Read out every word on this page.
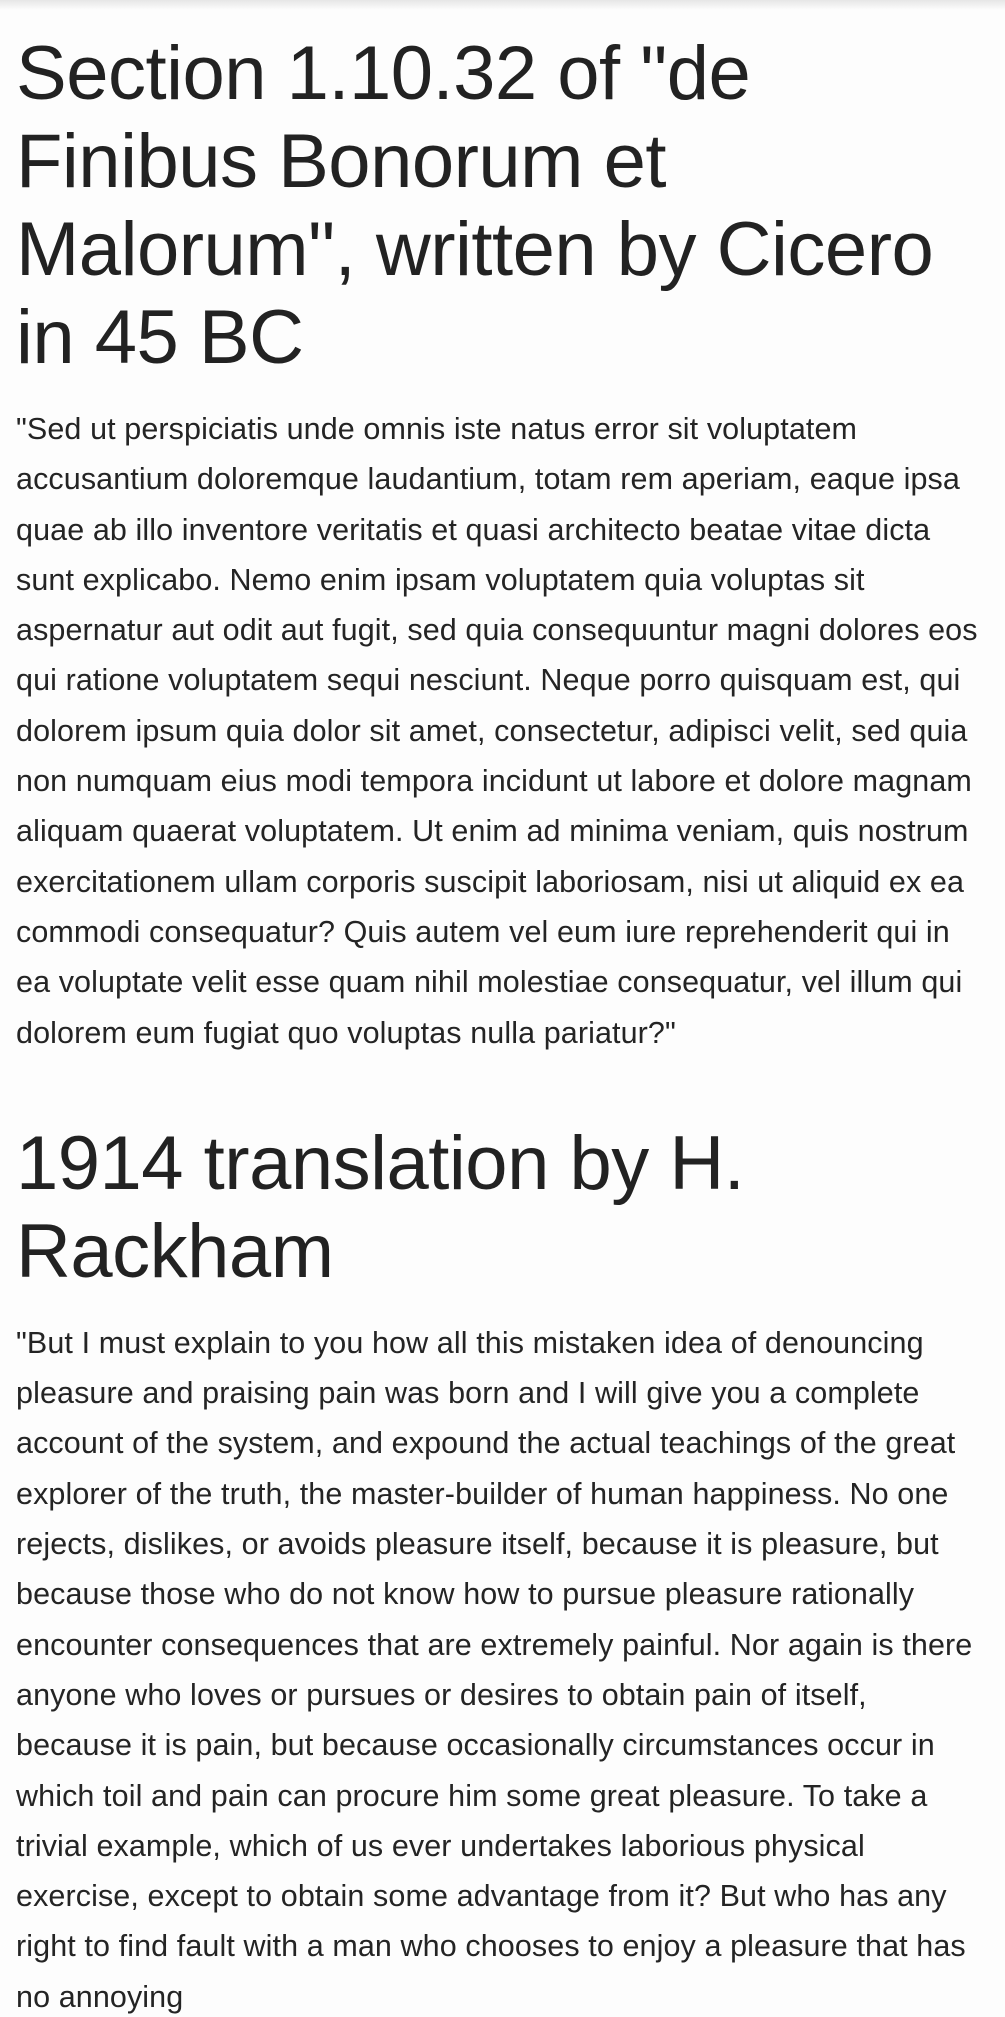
Section 1.10.32 of "de Finibus Bonorum et Malorum", written by Cicero in 45 BC

"Sed ut perspiciatis unde omnis iste natus error sit voluptatem accusantium doloremque laudantium, totam rem aperiam, eaque ipsa quae ab illo inventore veritatis et quasi architecto beatae vitae dicta sunt explicabo. Nemo enim ipsam voluptatem quia voluptas sit aspernatur aut odit aut fugit, sed quia consequuntur magni dolores eos qui ratione voluptatem sequi nesciunt. Neque porro quisquam est, qui dolorem ipsum quia dolor sit amet, consectetur, adipisci velit, sed quia non numquam eius modi tempora incidunt ut labore et dolore magnam aliquam quaerat voluptatem. Ut enim ad minima veniam, quis nostrum exercitationem ullam corporis suscipit laboriosam, nisi ut aliquid ex ea commodi consequatur? Quis autem vel eum iure reprehenderit qui in ea voluptate velit esse quam nihil molestiae consequatur, vel illum qui dolorem eum fugiat quo voluptas nulla pariatur?"

1914 translation by H. Rackham

"But I must explain to you how all this mistaken idea of denouncing pleasure and praising pain was born and I will give you a complete account of the system, and expound the actual teachings of the great explorer of the truth, the master-builder of human happiness. No one rejects, dislikes, or avoids pleasure itself, because it is pleasure, but because those who do not know how to pursue pleasure rationally encounter consequences that are extremely painful. Nor again is there anyone who loves or pursues or desires to obtain pain of itself, because it is pain, but because occasionally circumstances occur in which toil and pain can procure him some great pleasure. To take a trivial example, which of us ever undertakes laborious physical exercise, except to obtain some advantage from it? But who has any right to find fault with a man who chooses to enjoy a pleasure that has no annoying
